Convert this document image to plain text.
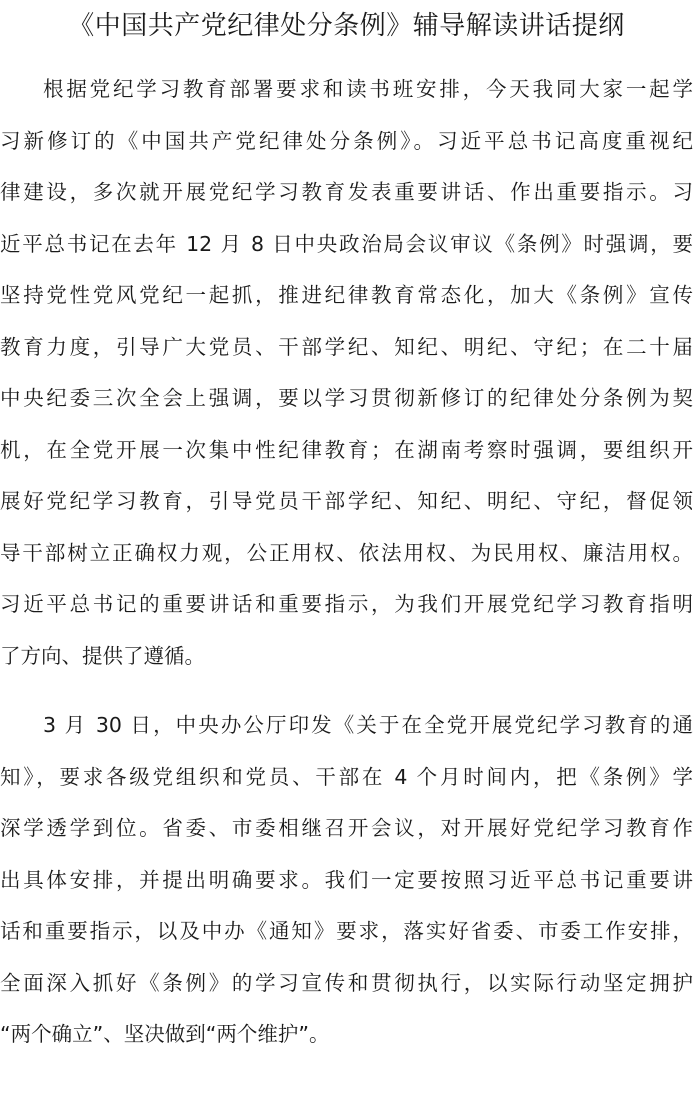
《中国共产党纪律处分条例》辅导解读讲话提纲
根据党纪学习教育部署要求和读书班安排，今天我同大家一起学
习新修订的《中国共产党纪律处分条例》。习近平总书记高度重视纪
律建设，多次就开展党纪学习教育发表重要讲话、作出重要指示。习
近平总书记在去年 12 月 8 日中央政治局会议审议《条例》时强调，要
坚持党性党风党纪一起抓，推进纪律教育常态化，加大《条例》宣传
教育力度，引导广大党员、干部学纪、知纪、明纪、守纪；在二十届
中央纪委三次全会上强调，要以学习贯彻新修订的纪律处分条例为契
机，在全党开展一次集中性纪律教育；在湖南考察时强调，要组织开
展好党纪学习教育，引导党员干部学纪、知纪、明纪、守纪，督促领
导干部树立正确权力观，公正用权、依法用权、为民用权、廉洁用权。
习近平总书记的重要讲话和重要指示，为我们开展党纪学习教育指明
了方向、提供了遵循。
3 月 30 日，中央办公厅印发《关于在全党开展党纪学习教育的通
知》，要求各级党组织和党员、干部在 4 个月时间内，把《条例》学
深学透学到位。省委、市委相继召开会议，对开展好党纪学习教育作
出具体安排，并提出明确要求。我们一定要按照习近平总书记重要讲
话和重要指示，以及中办《通知》要求，落实好省委、市委工作安排，
全面深入抓好《条例》的学习宣传和贯彻执行，以实际行动坚定拥护
“两个确立”、坚决做到“两个维护”。
